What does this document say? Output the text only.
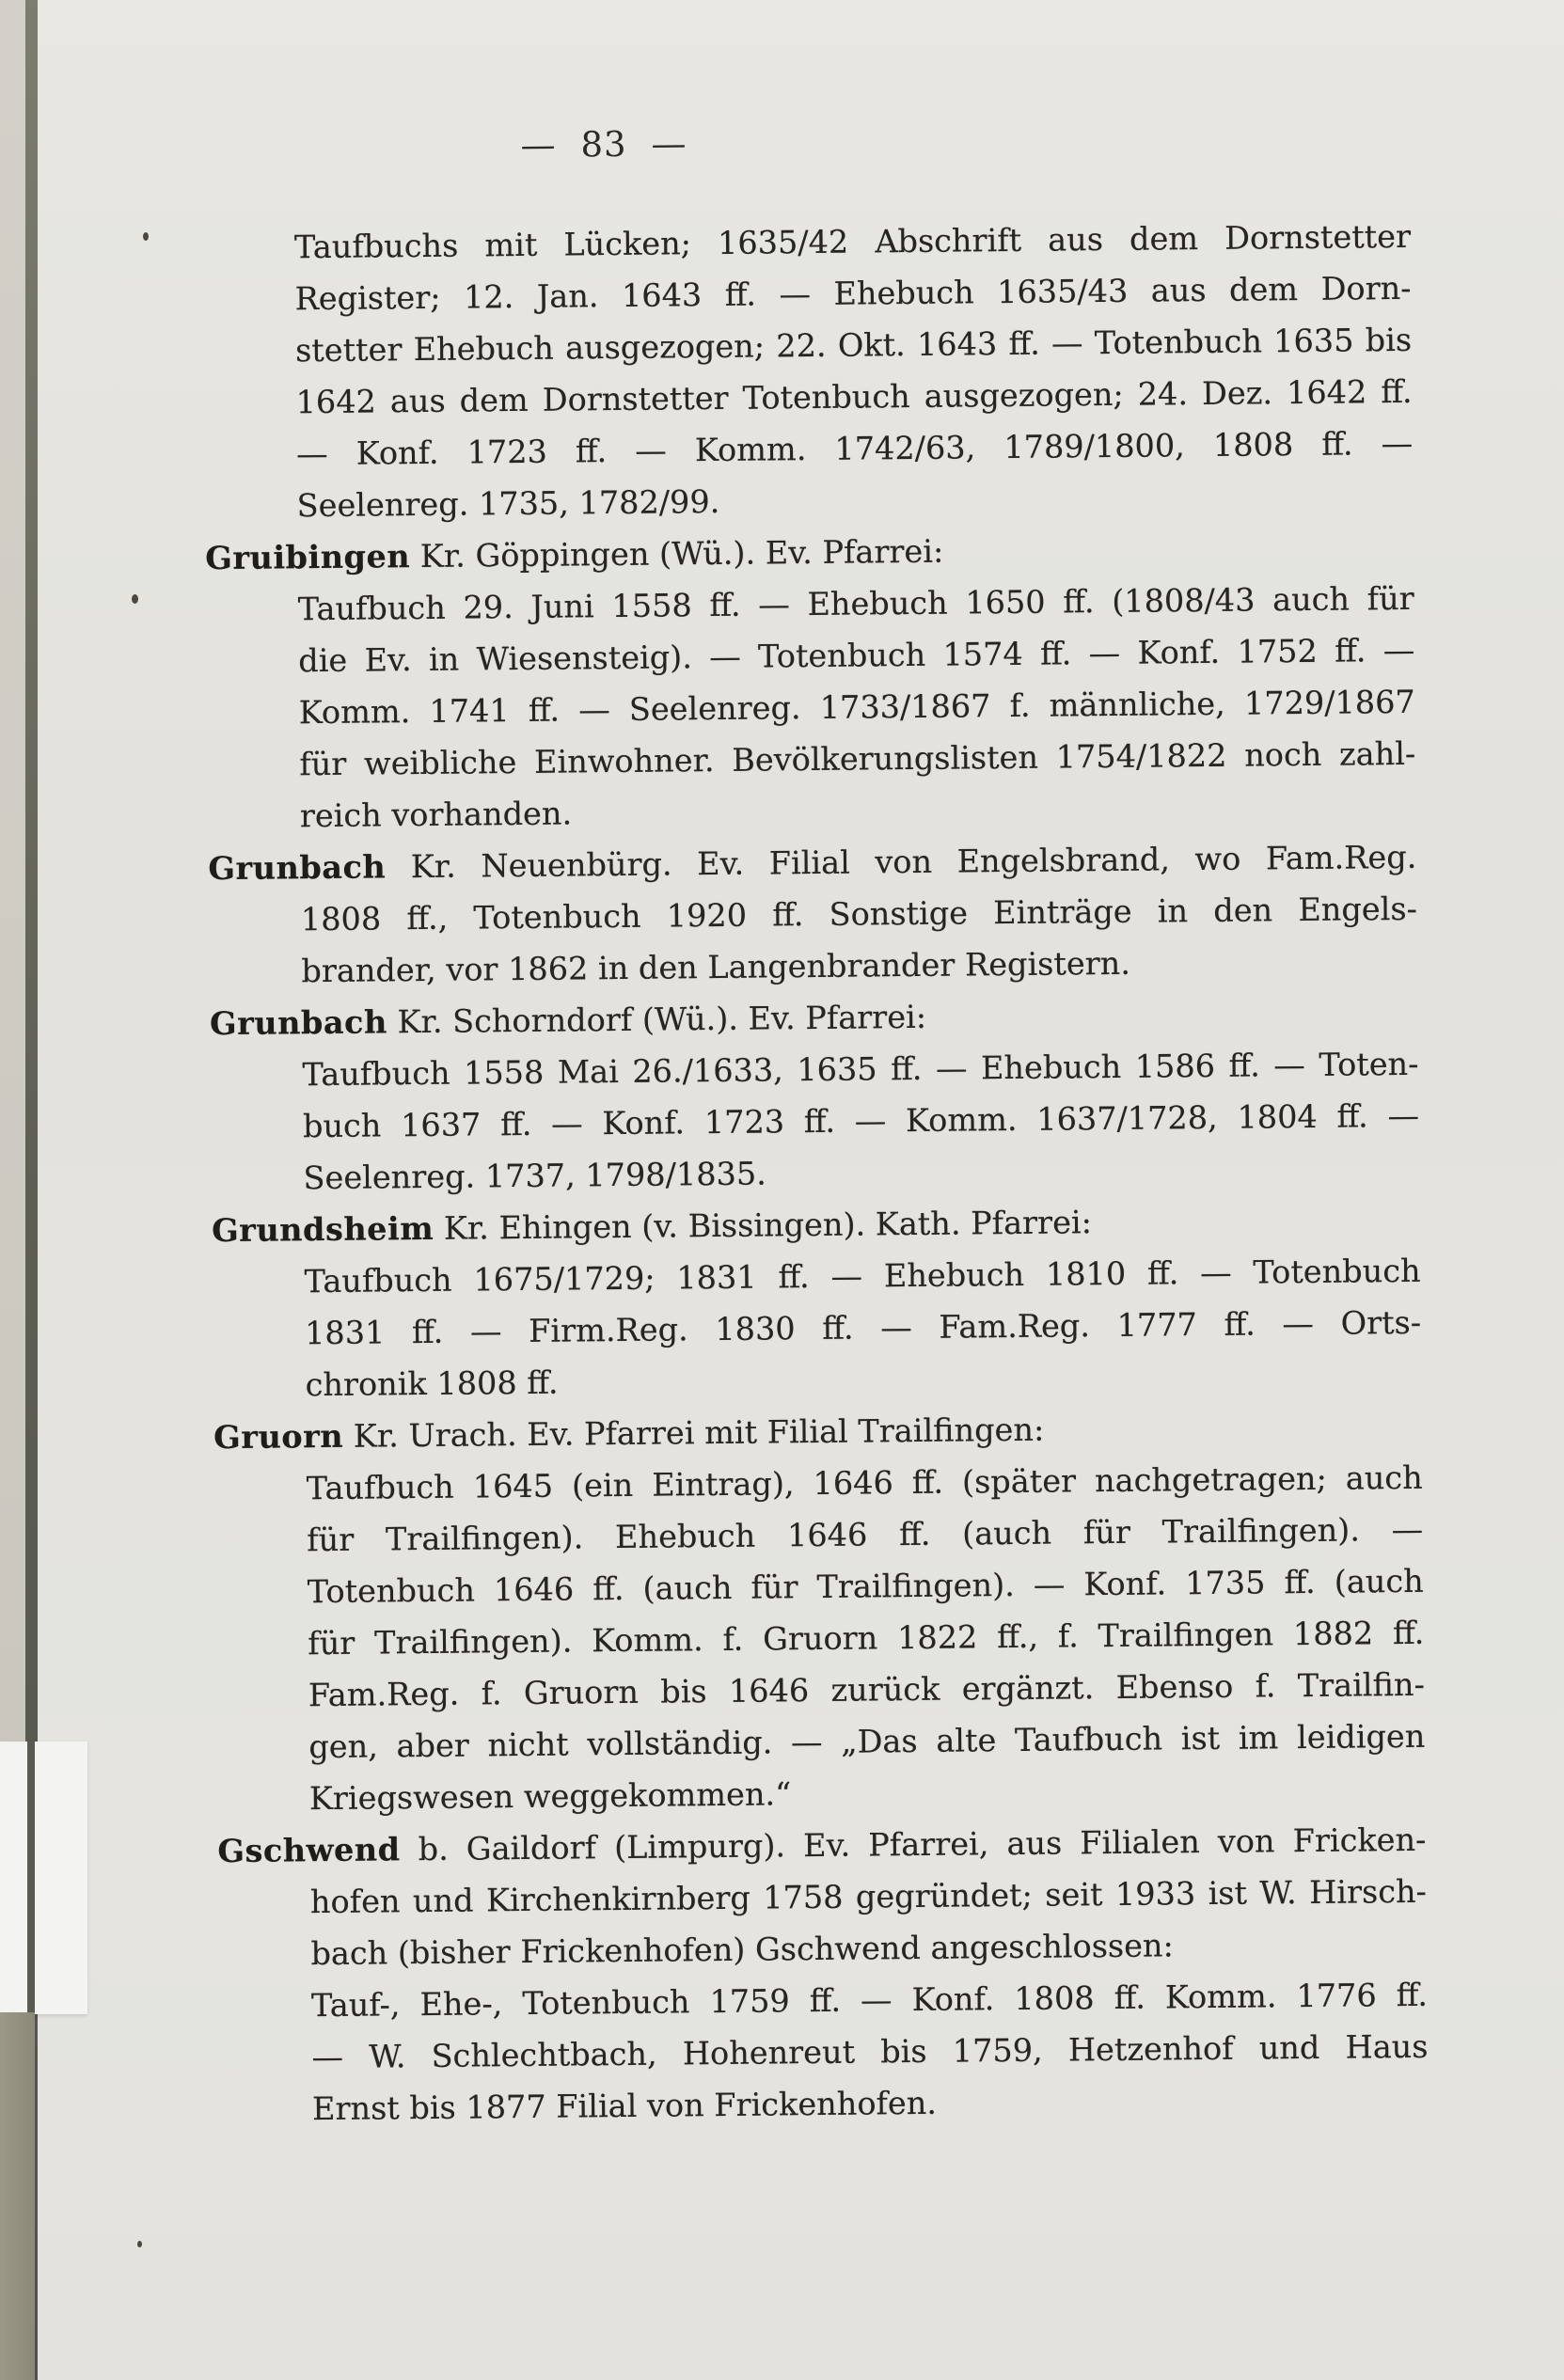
— 83 —
Taufbuchs mit Lücken; 1635/42 Abschrift aus dem Dornstetter
Register; 12. Jan. 1643 ff. — Ehebuch 1635/43 aus dem Dorn-
stetter Ehebuch ausgezogen; 22. Okt. 1643 ff. — Totenbuch 1635 bis
1642 aus dem Dornstetter Totenbuch ausgezogen; 24. Dez. 1642 ff.
— Konf. 1723 ff. — Komm. 1742/63, 1789/1800, 1808 ff. —
Seelenreg. 1735, 1782/99.
Gruibingen Kr. Göppingen (Wü.). Ev. Pfarrei:
Taufbuch 29. Juni 1558 ff. — Ehebuch 1650 ff. (1808/43 auch für
die Ev. in Wiesensteig). — Totenbuch 1574 ff. — Konf. 1752 ff. —
Komm. 1741 ff. — Seelenreg. 1733/1867 f. männliche, 1729/1867
für weibliche Einwohner. Bevölkerungslisten 1754/1822 noch zahl-
reich vorhanden.
Grunbach Kr. Neuenbürg. Ev. Filial von Engelsbrand, wo Fam.Reg.
1808 ff., Totenbuch 1920 ff. Sonstige Einträge in den Engels-
brander, vor 1862 in den Langenbrander Registern.
Grunbach Kr. Schorndorf (Wü.). Ev. Pfarrei:
Taufbuch 1558 Mai 26./1633, 1635 ff. — Ehebuch 1586 ff. — Toten-
buch 1637 ff. — Konf. 1723 ff. — Komm. 1637/1728, 1804 ff. —
Seelenreg. 1737, 1798/1835.
Grundsheim Kr. Ehingen (v. Bissingen). Kath. Pfarrei:
Taufbuch 1675/1729; 1831 ff. — Ehebuch 1810 ff. — Totenbuch
1831 ff. — Firm.Reg. 1830 ff. — Fam.Reg. 1777 ff. — Orts-
chronik 1808 ff.
Gruorn Kr. Urach. Ev. Pfarrei mit Filial Trailfingen:
Taufbuch 1645 (ein Eintrag), 1646 ff. (später nachgetragen; auch
für Trailfingen). Ehebuch 1646 ff. (auch für Trailfingen). —
Totenbuch 1646 ff. (auch für Trailfingen). — Konf. 1735 ff. (auch
für Trailfingen). Komm. f. Gruorn 1822 ff., f. Trailfingen 1882 ff.
Fam.Reg. f. Gruorn bis 1646 zurück ergänzt. Ebenso f. Trailfin-
gen, aber nicht vollständig. — „Das alte Taufbuch ist im leidigen
Kriegswesen weggekommen.“
Gschwend b. Gaildorf (Limpurg). Ev. Pfarrei, aus Filialen von Fricken-
hofen und Kirchenkirnberg 1758 gegründet; seit 1933 ist W. Hirsch-
bach (bisher Frickenhofen) Gschwend angeschlossen:
Tauf-, Ehe-, Totenbuch 1759 ff. — Konf. 1808 ff. Komm. 1776 ff.
— W. Schlechtbach, Hohenreut bis 1759, Hetzenhof und Haus
Ernst bis 1877 Filial von Frickenhofen.
